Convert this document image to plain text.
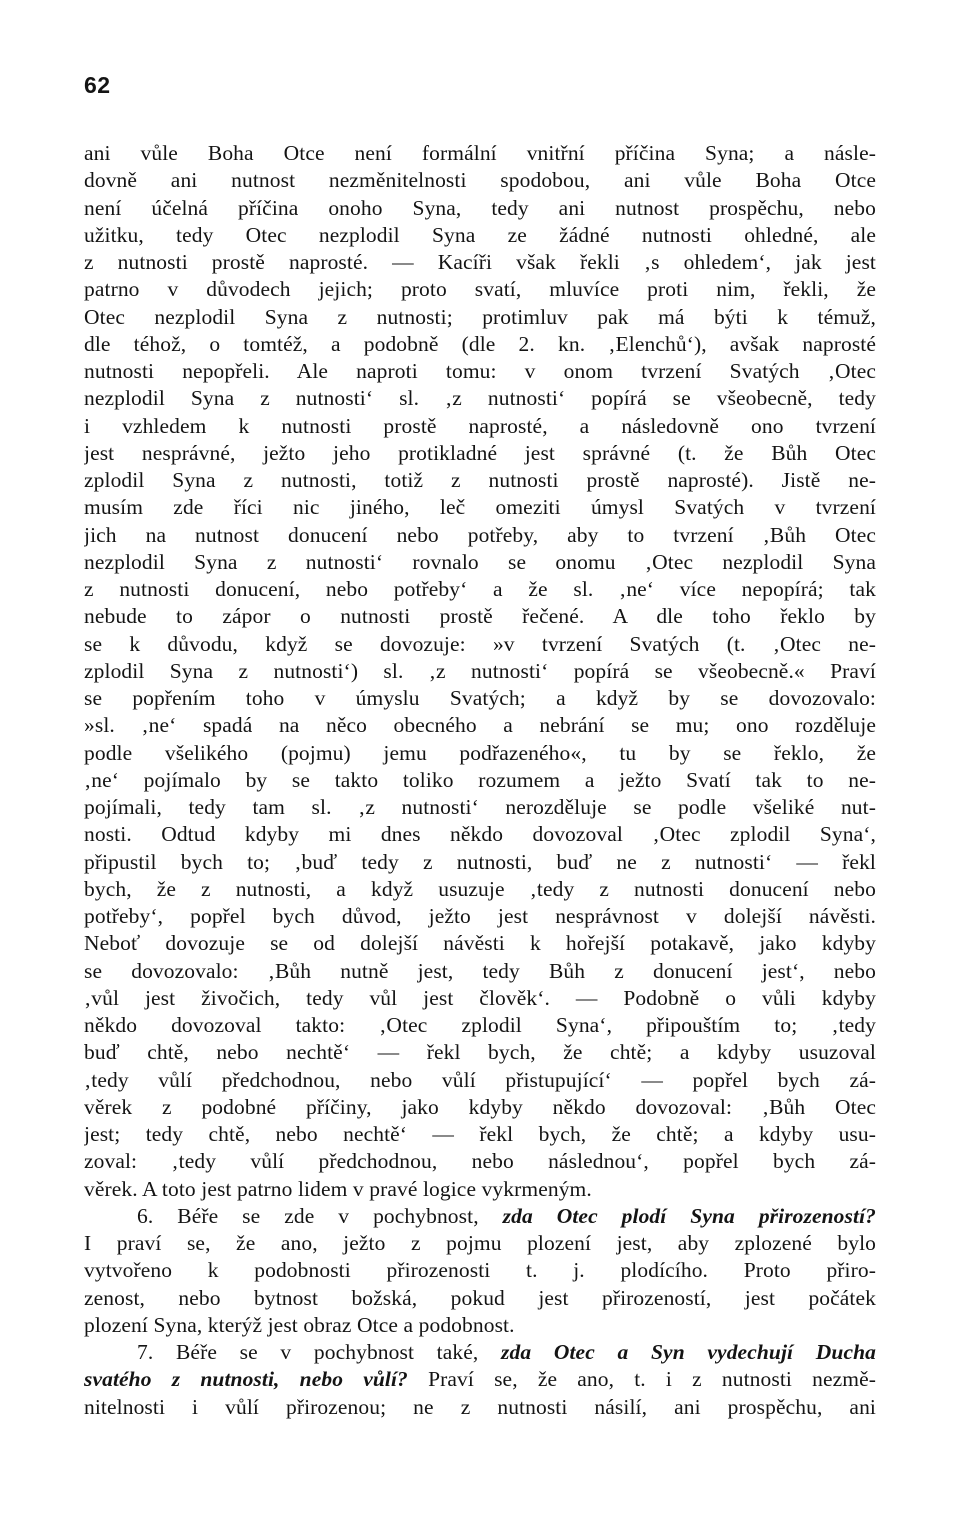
62
ani vůle Boha Otce není formální vnitřní příčina Syna; a násle-
dovně ani nutnost nezměnitelnosti spodobou, ani vůle Boha Otce
není účelná příčina onoho Syna, tedy ani nutnost prospěchu, nebo
užitku, tedy Otec nezplodil Syna ze žádné nutnosti ohledné, ale
z nutnosti prostě naprosté. — Kacíři však řekli ‚s ohledem‘, jak jest
patrno v důvodech jejich; proto svatí, mluvíce proti nim, řekli, že
Otec nezplodil Syna z nutnosti; protimluv pak má býti k témuž,
dle téhož, o tomtéž, a podobně (dle 2. kn. ‚Elenchů‘), avšak naprosté
nutnosti nepopřeli. Ale naproti tomu: v onom tvrzení Svatých ‚Otec
nezplodil Syna z nutnosti‘ sl. ‚z nutnosti‘ popírá se všeobecně, tedy
i vzhledem k nutnosti prostě naprosté, a následovně ono tvrzení
jest nesprávné, ježto jeho protikladné jest správné (t. že Bůh Otec
zplodil Syna z nutnosti, totiž z nutnosti prostě naprosté). Jistě ne-
musím zde říci nic jiného, leč omeziti úmysl Svatých v tvrzení
jich na nutnost donucení nebo potřeby, aby to tvrzení ‚Bůh Otec
nezplodil Syna z nutnosti‘ rovnalo se onomu ‚Otec nezplodil Syna
z nutnosti donucení, nebo potřeby‘ a že sl. ‚ne‘ více nepopírá; tak
nebude to zápor o nutnosti prostě řečené. A dle toho řeklo by
se k důvodu, když se dovozuje: »v tvrzení Svatých (t. ‚Otec ne-
zplodil Syna z nutnosti‘) sl. ‚z nutnosti‘ popírá se všeobecně.« Praví
se popřením toho v úmyslu Svatých; a když by se dovozovalo:
»sl. ‚ne‘ spadá na něco obecného a nebrání se mu; ono rozděluje
podle všelikého (pojmu) jemu podřazeného«, tu by se řeklo, že
‚ne‘ pojímalo by se takto toliko rozumem a ježto Svatí tak to ne-
pojímali, tedy tam sl. ‚z nutnosti‘ nerozděluje se podle všeliké nut-
nosti. Odtud kdyby mi dnes někdo dovozoval ‚Otec zplodil Syna‘,
připustil bych to; ‚buď tedy z nutnosti, buď ne z nutnosti‘ — řekl
bych, že z nutnosti, a když usuzuje ‚tedy z nutnosti donucení nebo
potřeby‘, popřel bych důvod, ježto jest nesprávnost v dolejší návěsti.
Neboť dovozuje se od dolejší návěsti k hořejší potakavě, jako kdyby
se dovozovalo: ‚Bůh nutně jest, tedy Bůh z donucení jest‘, nebo
‚vůl jest živočich, tedy vůl jest člověk‘. — Podobně o vůli kdyby
někdo dovozoval takto: ‚Otec zplodil Syna‘, připouštím to; ‚tedy
buď chtě, nebo nechtě‘ — řekl bych, že chtě; a kdyby usuzoval
‚tedy vůlí předchodnou, nebo vůlí přistupující‘ — popřel bych zá-
věrek z podobné příčiny, jako kdyby někdo dovozoval: ‚Bůh Otec
jest; tedy chtě, nebo nechtě‘ — řekl bych, že chtě; a kdyby usu-
zoval: ‚tedy vůlí předchodnou, nebo následnou‘, popřel bych zá-
věrek. A toto jest patrno lidem v pravé logice vykrmeným.
6. Béře se zde v pochybnost, zda Otec plodí Syna přirozeností?
I praví se, že ano, ježto z pojmu plození jest, aby zplozené bylo
vytvořeno k podobnosti přirozenosti t. j. plodícího. Proto přiro-
zenost, nebo bytnost božská, pokud jest přirozeností, jest počátek
plození Syna, kterýž jest obraz Otce a podobnost.
7. Béře se v pochybnost také, zda Otec a Syn vydechují Ducha
svatého z nutnosti, nebo vůlí? Praví se, že ano, t. i z nutnosti nezmě-
nitelnosti i vůlí přirozenou; ne z nutnosti násilí, ani prospěchu, ani
